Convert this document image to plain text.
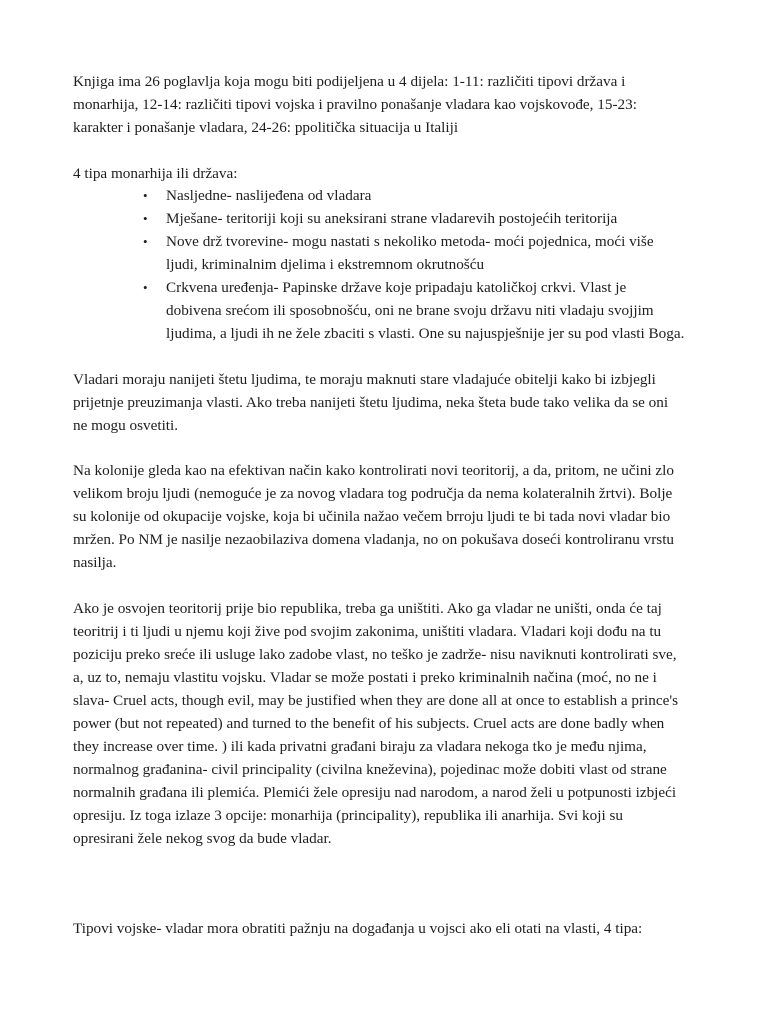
Knjiga ima 26 poglavlja koja mogu biti podijeljena u 4 dijela: 1-11: različiti tipovi država i
monarhija, 12-14: različiti tipovi vojska i pravilno ponašanje vladara kao vojskovođe, 15-23:
karakter i ponašanje vladara, 24-26: ppolitička situacija u Italiji
4 tipa monarhija ili država:
• Nasljedne- naslijeđena od vladara
• Mješane- teritoriji koji su aneksirani strane vladarevih postojećih teritorija
• Nove drž tvorevine- mogu nastati s nekoliko metoda- moći pojednica, moći više
ljudi, kriminalnim djelima i ekstremnom okrutnošću
• Crkvena uređenja- Papinske države koje pripadaju katoličkoj crkvi. Vlast je
dobivena srećom ili sposobnošću, oni ne brane svoju državu niti vladaju svojjim
ljudima, a ljudi ih ne žele zbaciti s vlasti. One su najuspješnije jer su pod vlasti Boga.
Vladari moraju nanijeti štetu ljudima, te moraju maknuti stare vladajuće obitelji kako bi izbjegli
prijetnje preuzimanja vlasti. Ako treba nanijeti štetu ljudima, neka šteta bude tako velika da se oni
ne mogu osvetiti.
Na kolonije gleda kao na efektivan način kako kontrolirati novi teoritorij, a da, pritom, ne učini zlo
velikom broju ljudi (nemoguće je za novog vladara tog područja da nema kolateralnih žrtvi). Bolje
su kolonije od okupacije vojske, koja bi učinila nažao večem brroju ljudi te bi tada novi vladar bio
mržen. Po NM je nasilje nezaobilaziva domena vladanja, no on pokušava doseći kontroliranu vrstu
nasilja.
Ako je osvojen teoritorij prije bio republika, treba ga uništiti. Ako ga vladar ne uništi, onda će taj
teoritrij i ti ljudi u njemu koji žive pod svojim zakonima, uništiti vladara. Vladari koji dođu na tu
poziciju preko sreće ili usluge lako zadobe vlast, no teško je zadrže- nisu naviknuti kontrolirati sve,
a, uz to, nemaju vlastitu vojsku. Vladar se može postati i preko kriminalnih načina (moć, no ne i
slava- Cruel acts, though evil, may be justified when they are done all at once to establish a prince's
power (but not repeated) and turned to the benefit of his subjects. Cruel acts are done badly when
they increase over time. ) ili kada privatni građani biraju za vladara nekoga tko je među njima,
normalnog građanina- civil principality (civilna kneževina), pojedinac može dobiti vlast od strane
normalnih građana ili plemića. Plemići žele opresiju nad narodom, a narod želi u potpunosti izbjeći
opresiju. Iz toga izlaze 3 opcije: monarhija (principality), republika ili anarhija. Svi koji su
opresirani žele nekog svog da bude vladar.
Tipovi vojske- vladar mora obratiti pažnju na događanja u vojsci ako eli otati na vlasti, 4 tipa:
